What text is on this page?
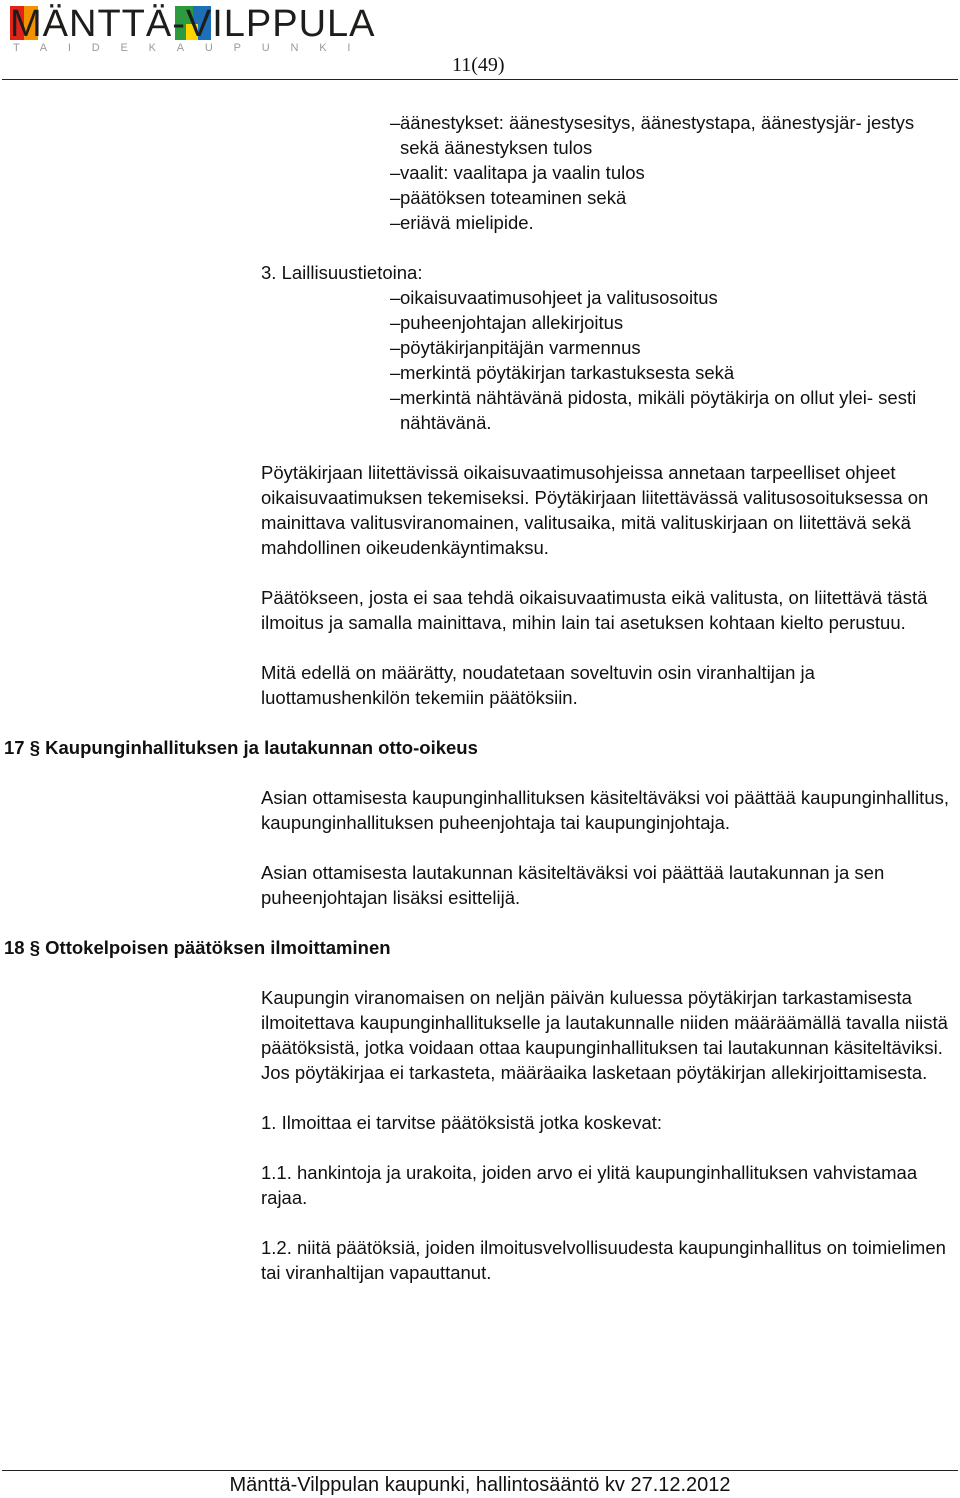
MÄNTTÄ-VILPPULA
TAIDEKAUPUNKI
11(49)
–äänestykset: äänestysesitys, äänestystapa, äänestysjär- jestys sekä äänestyksen tulos
–vaalit: vaalitapa ja vaalin tulos
–päätöksen toteaminen sekä
–eriävä mielipide.
3. Laillisuustietoina:
–oikaisuvaatimusohjeet ja valitusosoitus
–puheenjohtajan allekirjoitus
–pöytäkirjanpitäjän varmennus
–merkintä pöytäkirjan tarkastuksesta sekä
–merkintä nähtävänä pidosta, mikäli pöytäkirja on ollut ylei- sesti nähtävänä.

Pöytäkirjaan liitettävissä oikaisuvaatimusohjeissa annetaan tarpeelliset ohjeet oikaisuvaatimuksen tekemiseksi. Pöytäkirjaan liitettävässä valitusosoituksessa on mainittava valitusviranomainen, valitusaika, mitä valituskirjaan on liitettävä sekä mahdollinen oikeudenkäyntimaksu.

Päätökseen, josta ei saa tehdä oikaisuvaatimusta eikä valitusta, on liitettävä tästä ilmoitus ja samalla mainittava, mihin lain tai asetuksen kohtaan kielto perustuu.

Mitä edellä on määrätty, noudatetaan soveltuvin osin viranhaltijan ja luottamushenkilön tekemiin päätöksiin.

17 § Kaupunginhallituksen ja lautakunnan otto-oikeus

Asian ottamisesta kaupunginhallituksen käsiteltäväksi voi päättää kaupunginhallitus, kaupunginhallituksen puheenjohtaja tai kaupunginjohtaja.

Asian ottamisesta lautakunnan käsiteltäväksi voi päättää lautakunnan ja sen puheenjohtajan lisäksi esittelijä.

18 § Ottokelpoisen päätöksen ilmoittaminen

Kaupungin viranomaisen on neljän päivän kuluessa pöytäkirjan tarkastamisesta ilmoitettava kaupunginhallitukselle ja lautakunnalle niiden määräämällä tavalla niistä päätöksistä, jotka voidaan ottaa kaupunginhallituksen tai lautakunnan käsiteltäviksi. Jos pöytäkirjaa ei tarkasteta, määräaika lasketaan pöytäkirjan allekirjoittamisesta.

1. Ilmoittaa ei tarvitse päätöksistä jotka koskevat:

1.1. hankintoja ja urakoita, joiden arvo ei ylitä kaupunginhallituksen vahvistamaa rajaa.

1.2. niitä päätöksiä, joiden ilmoitusvelvollisuudesta kaupunginhallitus on toimielimen tai viranhaltijan vapauttanut.

Mänttä-Vilppulan kaupunki, hallintosääntö kv 27.12.2012
